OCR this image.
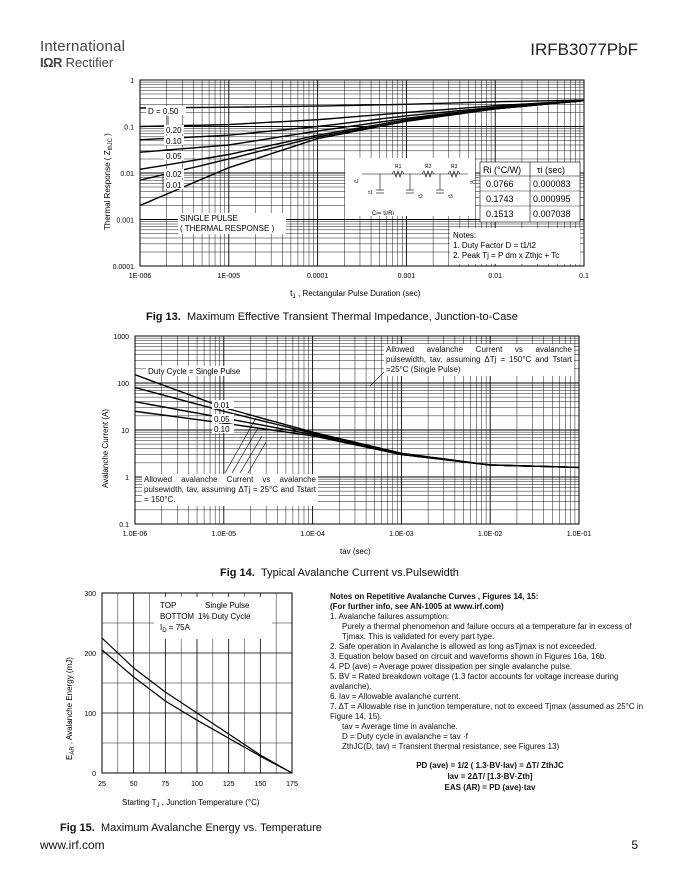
International
IΩR Rectifier
IRFB3077PbF
1
0.1
0.01
0.001
0.0001
1E-006	1E-005	0.0001	0.001	0.01	0.1
D = 0.50
0.20
0.10
0.05
0.02
0.01
SINGLE PULSE
( THERMAL RESPONSE )
R1	R2	R3
τJ	τC
τ1
τ2	τ3
Ci= τi/Ri
Ri (°C/W) τi (sec)
0.0766 0.000083
0.1743 0.000995
0.1513 0.007038
Notes:
1. Duty Factor D = t1/t2
2. Peak Tj = P dm x Zthjc + Tc
Thermal Response ( $Z_{thJC}$ )
$t_1$ , Rectangular Pulse Duration (sec)
Fig 13. Maximum Effective Transient Thermal Impedance, Junction-to-Case
1000
100
10
1
0.1
1.0E-06	1.0E-05	1.0E-04	1.0E-03	1.0E-02	1.0E-01
Duty Cycle = Single Pulse
0.01
0.05
0.10
Allowed avalanche Current vs avalanche pulsewidth, tav, assuming ΔTj = 150°C and Tstart =25°C (Single Pulse)
Allowed avalanche Current vs avalanche pulsewidth, tav, assuming ΔTj = 25°C and Tstart = 150°C.
Avalanche Current (A)
tav (sec)
Fig 14. Typical Avalanche Current vs.Pulsewidth
300
200
100
0
25	50	75	100	125	150	175
TOP	Single Pulse
BOTTOM 1% Duty Cycle
$I_D = 75A$
$E_{AR}$ , Avalanche Energy (mJ)
Starting $T_J$ , Junction Temperature (°C)
Fig 15. Maximum Avalanche Energy vs. Temperature
Notes on Repetitive Avalanche Curves , Figures 14, 15:
(For further info, see AN-1005 at www.irf.com)
1. Avalanche failures assumption:
Purely a thermal phenomenon and failure occurs at a temperature far in excess of Tjmax. This is validated for every part type.
2. Safe operation in Avalanche is allowed as long asTjmax is not exceeded.
3. Equation below based on circuit and waveforms shown in Figures 16a, 16b.
4. PD (ave) = Average power dissipation per single avalanche pulse.
5. BV = Rated breakdown voltage (1.3 factor accounts for voltage increase during avalanche).
6. Iav = Allowable avalanche current.
7. ΔT = Allowable rise in junction temperature, not to exceed Tjmax (assumed as 25°C in Figure 14, 15).
tav = Average time in avalanche.
D = Duty cycle in avalanche = tav ·f
ZthJC(D, tav) = Transient thermal resistance, see Figures 13)
PD (ave) = 1/2 ( 1.3·BV·Iav) = ΔT/ ZthJC
Iav = 2ΔT/ [1.3·BV·Zth]
EAS (AR) = PD (ave)·tav
www.irf.com	5
